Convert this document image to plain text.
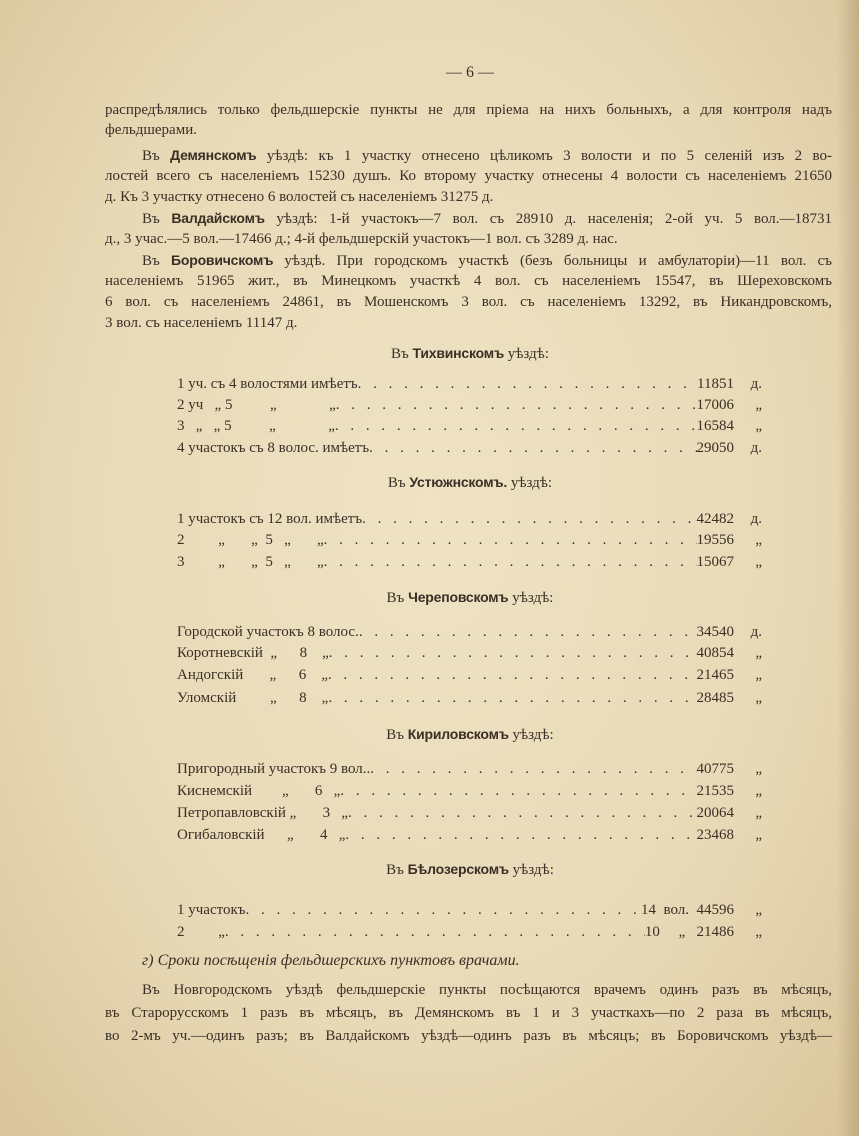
— 6 —
распредѣлялись только фельдшерскіе пункты не для пріема на нихъ больныхъ, а для контроля надъ
фельдшерами.
Въ Демянскомъ уѣздѣ: къ 1 участку отнесено цѣликомъ 3 волости и по 5 селеній изъ 2 во-
лостей всего съ населеніемъ 15230 душъ. Ко второму участку отнесены 4 волости съ населеніемъ 21650
д. Къ 3 участку отнесено 6 волостей съ населеніемъ 31275 д.
Въ Валдайскомъ уѣздѣ: 1-й участокъ—7 вол. съ 28910 д. населенія; 2-ой уч. 5 вол.—18731
д., 3 учас.—5 вол.—17466 д.; 4-й фельдшерскій участокъ—1 вол. съ 3289 д. нас.
Въ Боровичскомъ уѣздѣ. При городскомъ участкѣ (безъ больницы и амбулаторіи)—11 вол. съ
населеніемъ 51965 жит., въ Минецкомъ участкѣ 4 вол. съ населеніемъ 15547, въ Шереховскомъ
6 вол. съ населеніемъ 24861, въ Мошенскомъ 3 вол. съ населеніемъ 13292, въ Никандровскомъ,
3 вол. съ населеніемъ 11147 д.
Въ Тихвинскомъ уѣздѣ:
1 уч. съ 4 волостями имѣетъ . . .	11851	д.
2 уч   „ 5          „              „ . . .	17006	„
3   „   „ 5          „              „ . . .	16584	„
4 участокъ съ 8 волос. имѣетъ . . .	29050	д.
Въ Устюжнскомъ. уѣздѣ:
1 участокъ съ 12 вол. имѣетъ . . .	42482	д.
2         „       „  5   „       „ . . .	19556	„
3         „       „  5   „       „ . . .	15067	„
Въ Череповскомъ уѣздѣ:
Городской участокъ 8 волос. . . .	34540	д.
Коротневскій  „      8    „ . . .	40854	„
Андогскій       „      6    „ . . .	21465	„
Уломскій         „      8    „ . . .	28485	„
Въ Кириловскомъ уѣздѣ:
Пригородный участокъ 9 вол.. . . .	40775	„
Киснемскій        „       6   „ . . .	21535	„
Петропавловскій „       3   „ . . .	20064	„
Огибаловскій      „       4   „ . . .	23468	„
Въ Бѣлозерскомъ уѣздѣ:
1 участокъ . . .	14  вол.  44596	„
2         „ . . .	10     „   21486	„
г) Сроки посѣщенія фельдшерскихъ пунктовъ врачами.
Въ Новгородскомъ уѣздѣ фельдшерскіе пункты посѣщаются врачемъ одинъ разъ въ мѣсяцъ,
въ Старорусскомъ 1 разъ въ мѣсяцъ, въ Демянскомъ въ 1 и 3 участкахъ—по 2 раза въ мѣсяцъ,
во 2-мъ уч.—одинъ разъ; въ Валдайскомъ уѣздѣ—одинъ разъ въ мѣсяцъ; въ Боровичскомъ уѣздѣ—
